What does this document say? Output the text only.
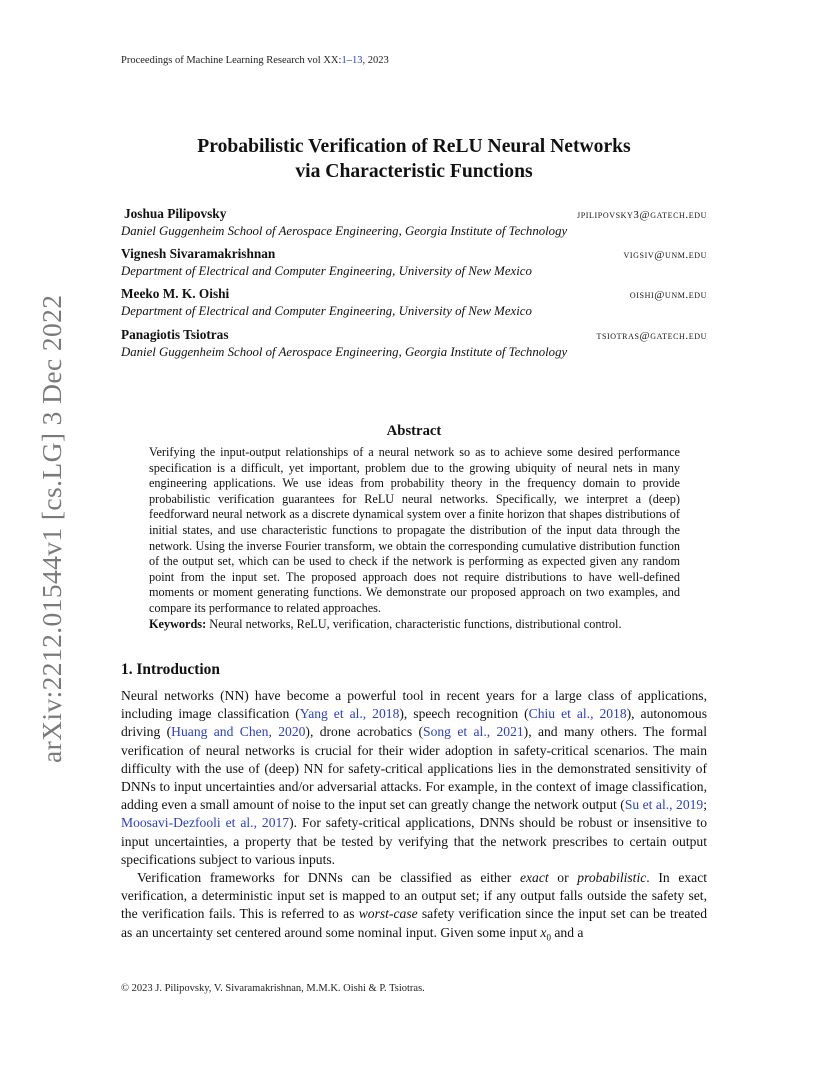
Proceedings of Machine Learning Research vol XX:1–13, 2023
arXiv:2212.01544v1 [cs.LG] 3 Dec 2022
Probabilistic Verification of ReLU Neural Networks
via Characteristic Functions
Joshua Pilipovsky	jpilipovsky3@gatech.edu
Daniel Guggenheim School of Aerospace Engineering, Georgia Institute of Technology
Vignesh Sivaramakrishnan	vigsiv@unm.edu
Department of Electrical and Computer Engineering, University of New Mexico
Meeko M. K. Oishi	oishi@unm.edu
Department of Electrical and Computer Engineering, University of New Mexico
Panagiotis Tsiotras	tsiotras@gatech.edu
Daniel Guggenheim School of Aerospace Engineering, Georgia Institute of Technology
Abstract
Verifying the input-output relationships of a neural network so as to achieve some desired performance specification is a difficult, yet important, problem due to the growing ubiquity of neural nets in many engineering applications. We use ideas from probability theory in the frequency domain to provide probabilistic verification guarantees for ReLU neural networks. Specifically, we interpret a (deep) feedforward neural network as a discrete dynamical system over a finite horizon that shapes distributions of initial states, and use characteristic functions to propagate the distribution of the input data through the network. Using the inverse Fourier transform, we obtain the corresponding cumulative distribution function of the output set, which can be used to check if the network is performing as expected given any random point from the input set. The proposed approach does not require distributions to have well-defined moments or moment generating functions. We demonstrate our proposed approach on two examples, and compare its performance to related approaches.
Keywords: Neural networks, ReLU, verification, characteristic functions, distributional control.
1. Introduction

Neural networks (NN) have become a powerful tool in recent years for a large class of applications, including image classification (Yang et al., 2018), speech recognition (Chiu et al., 2018), autonomous driving (Huang and Chen, 2020), drone acrobatics (Song et al., 2021), and many others. The formal verification of neural networks is crucial for their wider adoption in safety-critical scenarios. The main difficulty with the use of (deep) NN for safety-critical applications lies in the demonstrated sensitivity of DNNs to input uncertainties and/or adversarial attacks. For example, in the context of image classification, adding even a small amount of noise to the input set can greatly change the network output (Su et al., 2019; Moosavi-Dezfooli et al., 2017). For safety-critical applications, DNNs should be robust or insensitive to input uncertainties, a property that be tested by verifying that the network prescribes to certain output specifications subject to various inputs.

Verification frameworks for DNNs can be classified as either exact or probabilistic. In exact verification, a deterministic input set is mapped to an output set; if any output falls outside the safety set, the verification fails. This is referred to as worst-case safety verification since the input set can be treated as an uncertainty set centered around some nominal input. Given some input $x_0$ and a

© 2023 J. Pilipovsky, V. Sivaramakrishnan, M.M.K. Oishi & P. Tsiotras.
